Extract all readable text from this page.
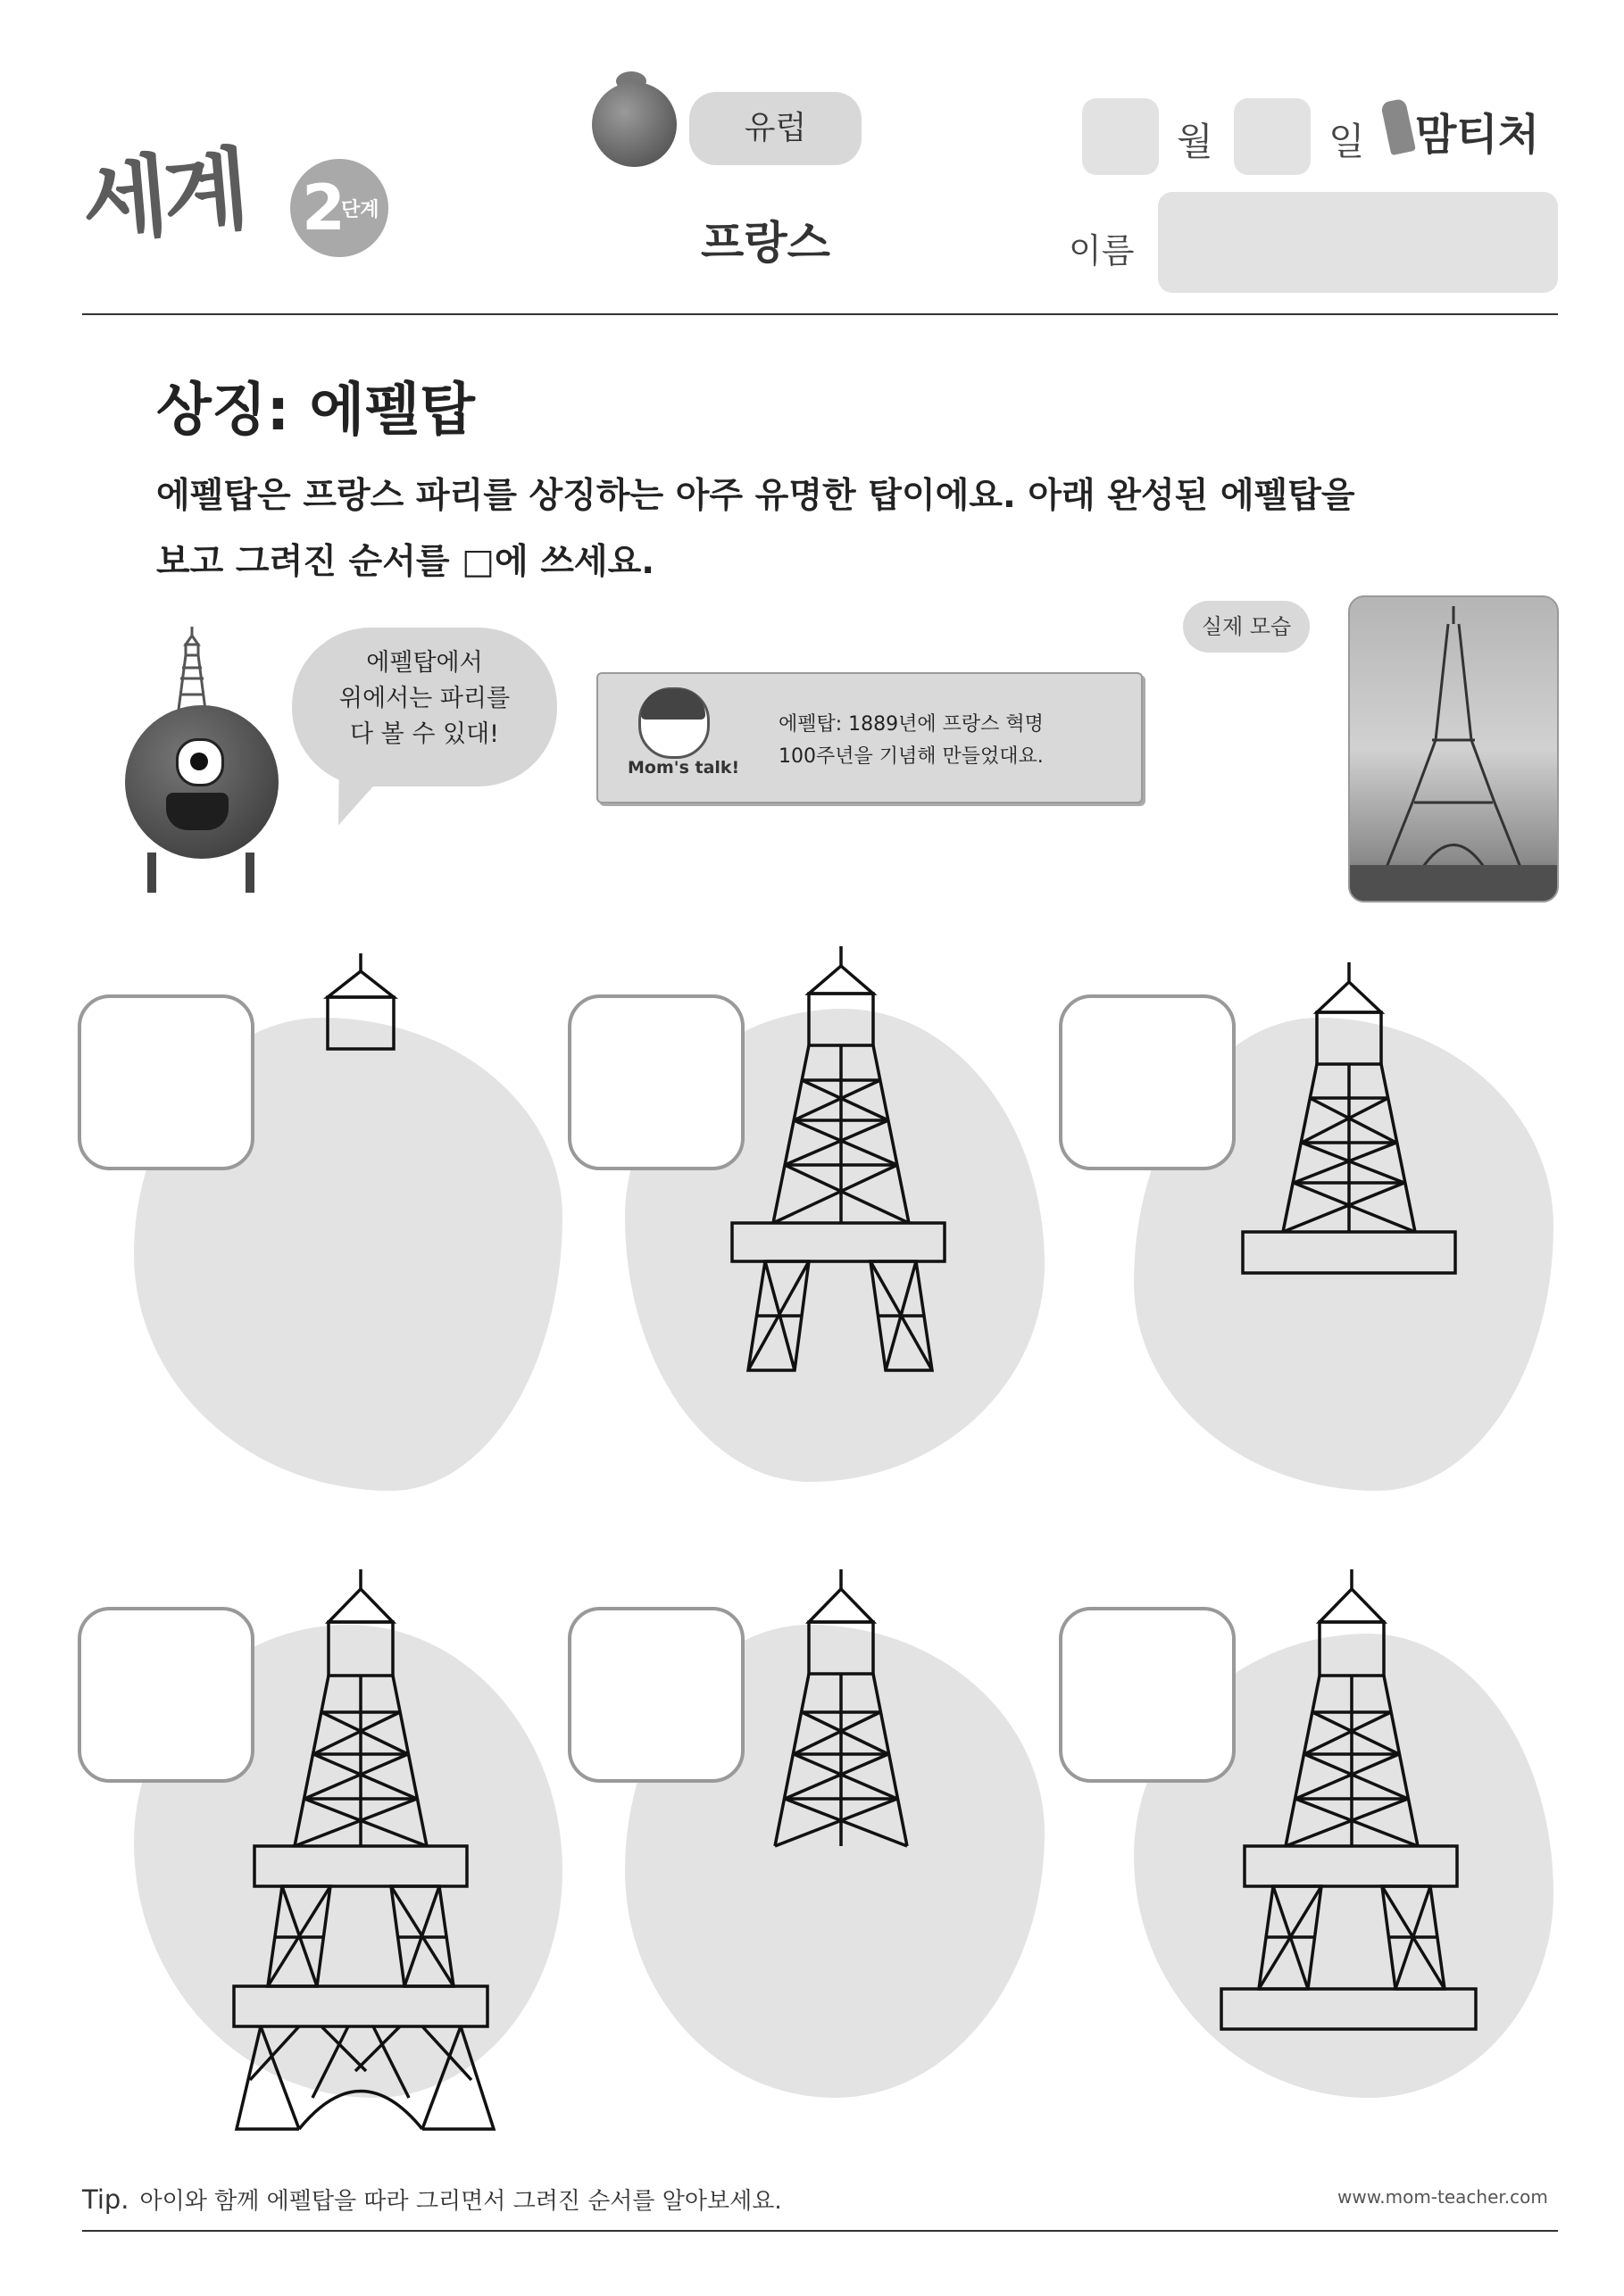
세계 2
단계
유럽
프랑스
월	일 맘티처
이름
상징: 에펠탑
에펠탑은 프랑스 파리를 상징하는 아주 유명한 탑이에요. 아래 완성된 에펠탑을
보고 그려진 순서를 □에 쓰세요.
에펠탑에서
위에서는 파리를
다 볼 수 있대!
Mom's talk!
에펠탑: 1889년에 프랑스 혁명
100주년을 기념해 만들었대요.
실제 모습
Tip. 아이와 함께 에펠탑을 따라 그리면서 그려진 순서를 알아보세요.	www.mom-teacher.com
